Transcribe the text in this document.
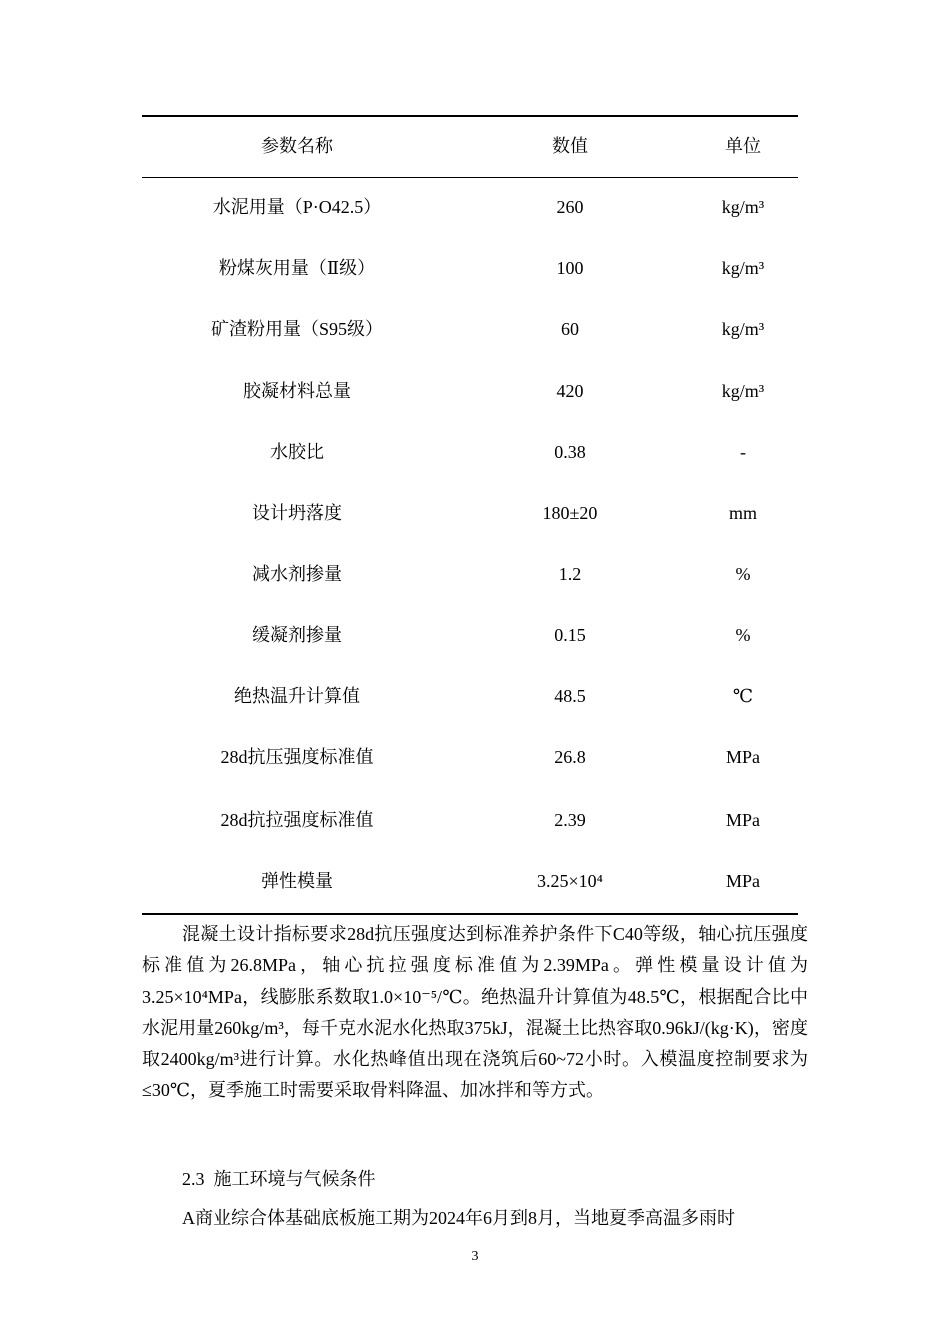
参数名称	数值	单位
水泥用量（P·O42.5）	260	kg/m³
粉煤灰用量（Ⅱ级）	100	kg/m³
矿渣粉用量（S95级）	60	kg/m³
胶凝材料总量	420	kg/m³
水胶比	0.38	-
设计坍落度	180±20	mm
减水剂掺量	1.2	%
缓凝剂掺量	0.15	%
绝热温升计算值	48.5	℃
28d抗压强度标准值	26.8	MPa
28d抗拉强度标准值	2.39	MPa
弹性模量	3.25×10⁴	MPa

混凝土设计指标要求28d抗压强度达到标准养护条件下C40等级，轴心抗压强度标准值为26.8MPa，轴心抗拉强度标准值为2.39MPa。弹性模量设计值为3.25×10⁴MPa，线膨胀系数取1.0×10⁻⁵/℃。绝热温升计算值为48.5℃，根据配合比中水泥用量260kg/m³，每千克水泥水化热取375kJ，混凝土比热容取0.96kJ/(kg·K)，密度取2400kg/m³进行计算。水化热峰值出现在浇筑后60~72小时。入模温度控制要求为≤30℃，夏季施工时需要采取骨料降温、加冰拌和等方式。

2.3 施工环境与气候条件
A商业综合体基础底板施工期为2024年6月到8月，当地夏季高温多雨时
3
